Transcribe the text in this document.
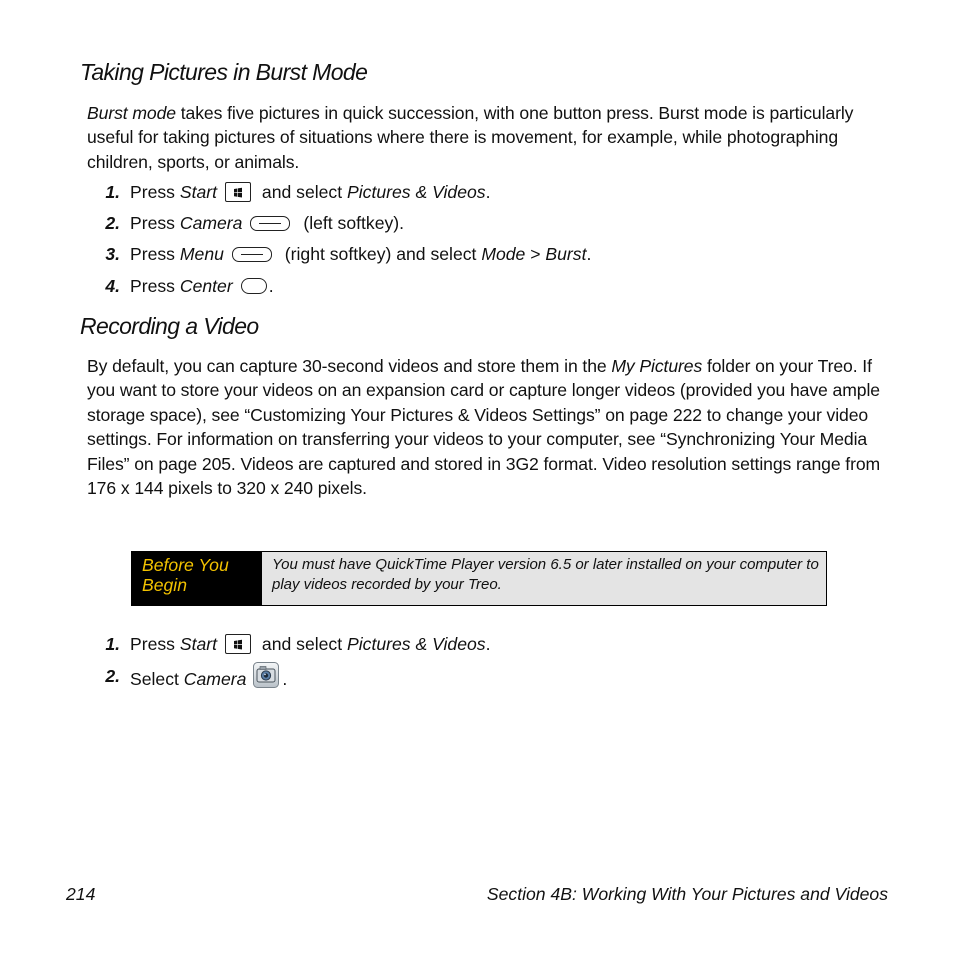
Taking Pictures in Burst Mode
Burst mode takes five pictures in quick succession, with one button press. Burst mode is particularly useful for taking pictures of situations where there is movement, for example, while photographing children, sports, or animals.
1. Press Start and select Pictures & Videos.
2. Press Camera	(left softkey).
3. Press Menu	(right softkey) and select Mode > Burst.
4. Press Center .
Recording a Video
By default, you can capture 30-second videos and store them in the My Pictures folder on your Treo. If you want to store your videos on an expansion card or capture longer videos (provided you have ample storage space), see “Customizing Your Pictures & Videos Settings” on page 222 to change your video settings. For information on transferring your videos to your computer, see “Synchronizing Your Media Files” on page 205. Videos are captured and stored in 3G2 format. Video resolution settings range from 176 x 144 pixels to 320 x 240 pixels.
Before You Begin
You must have QuickTime Player version 6.5 or later installed on your computer to play videos recorded by your Treo.
1. Press Start and select Pictures & Videos.
2. Select Camera .
214	Section 4B: Working With Your Pictures and Videos
